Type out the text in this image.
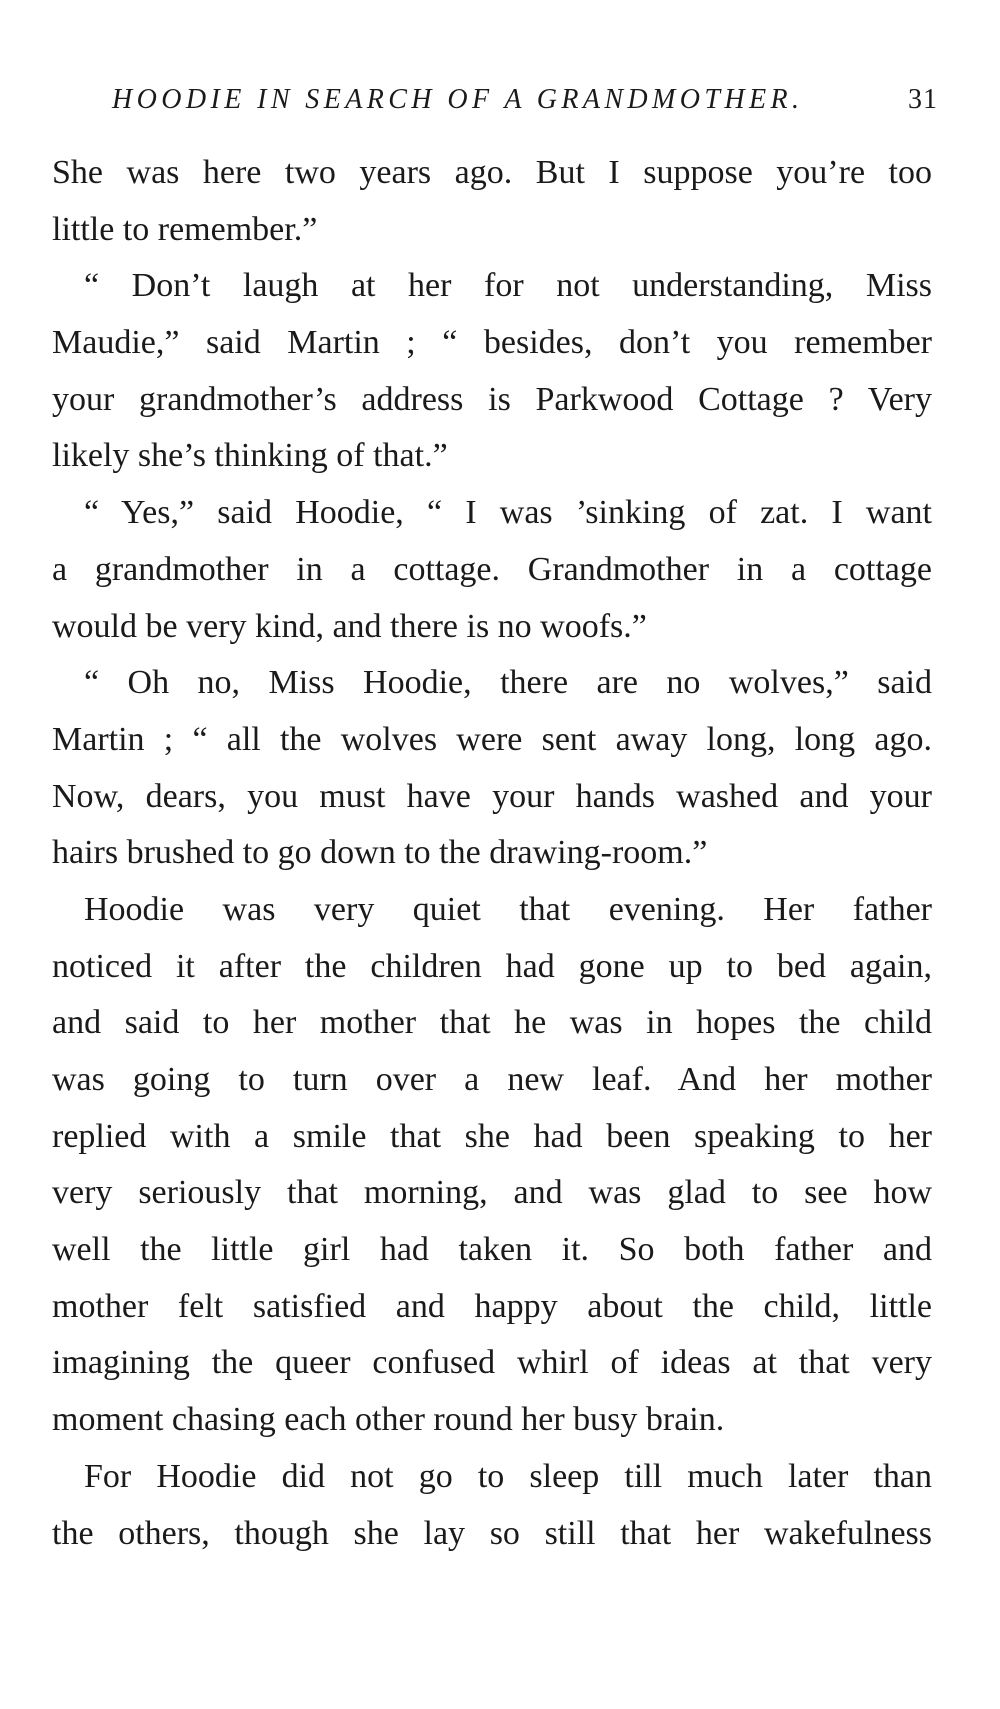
HOODIE IN SEARCH OF A GRANDMOTHER.	31

She was here two years ago. But I suppose you’re too
little to remember.”

“ Don’t laugh at her for not understanding, Miss
Maudie,” said Martin ; “ besides, don’t you remember
your grandmother’s address is Parkwood Cottage ? Very
likely she’s thinking of that.”

“ Yes,” said Hoodie, “ I was ’sinking of zat. I want
a grandmother in a cottage. Grandmother in a cottage
would be very kind, and there is no woofs.”

“ Oh no, Miss Hoodie, there are no wolves,” said
Martin ; “ all the wolves were sent away long, long ago.
Now, dears, you must have your hands washed and your
hairs brushed to go down to the drawing-room.”

Hoodie was very quiet that evening. Her father
noticed it after the children had gone up to bed again,
and said to her mother that he was in hopes the child
was going to turn over a new leaf. And her mother
replied with a smile that she had been speaking to her
very seriously that morning, and was glad to see how
well the little girl had taken it. So both father and
mother felt satisfied and happy about the child, little
imagining the queer confused whirl of ideas at that very
moment chasing each other round her busy brain.

For Hoodie did not go to sleep till much later than
the others, though she lay so still that her wakefulness
